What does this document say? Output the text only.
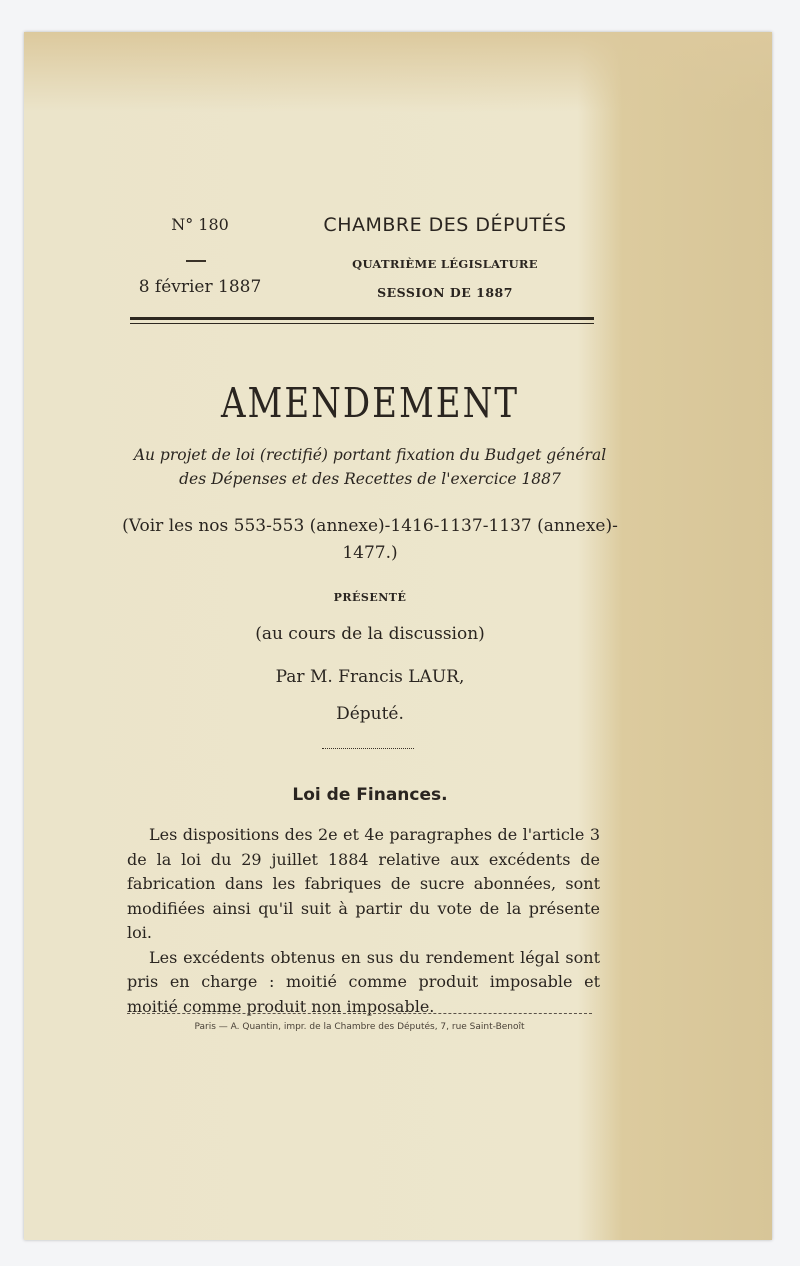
N° 180
8 février 1887
CHAMBRE DES DÉPUTÉS
QUATRIÈME LÉGISLATURE
SESSION DE 1887
AMENDEMENT
Au projet de loi (rectifié) portant fixation du Budget général
des Dépenses et des Recettes de l'exercice 1887
(Voir les nos 553-553 (annexe)-1416-1137-1137 (annexe)-
1477.)
PRÉSENTÉ
(au cours de la discussion)
Par M. Francis LAUR,
Député.
Loi de Finances.

Les dispositions des 2e et 4e paragraphes de l'article 3 de la loi du 29 juillet 1884 relative aux excédents de fabrication dans les fabriques de sucre abonnées, sont modifiées ainsi qu'il suit à partir du vote de la présente loi.

Les excédents obtenus en sus du rendement légal sont pris en charge : moitié comme produit imposable et moitié comme produit non imposable.

Paris — A. Quantin, impr. de la Chambre des Députés, 7, rue Saint-Benoît
